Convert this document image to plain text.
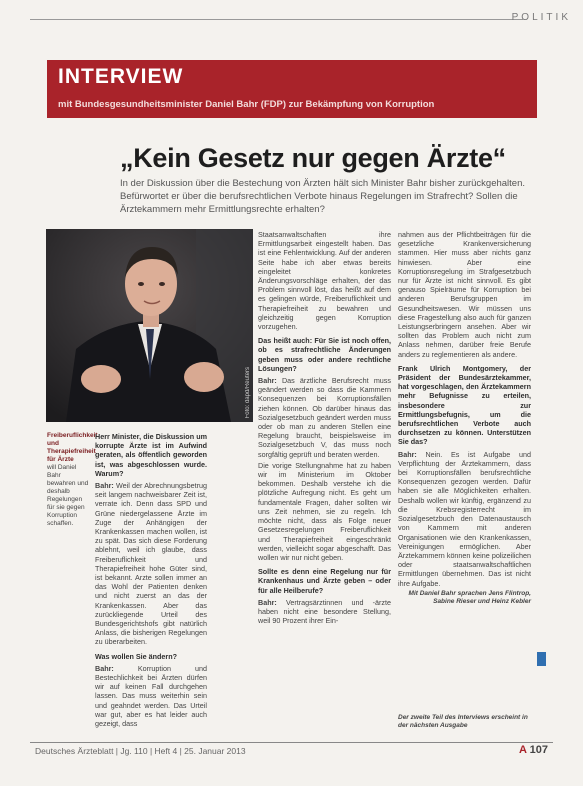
POLITIK
INTERVIEW
mit Bundesgesundheitsminister Daniel Bahr (FDP) zur Bekämpfung von Korruption
„Kein Gesetz nur gegen Ärzte“
In der Diskussion über die Bestechung von Ärzten hält sich Minister Bahr bisher zurückgehalten. Befürwortet er über die berufsrechtlichen Verbote hinaus Regelungen im Strafrecht? Sollen die Ärztekammern mehr Ermittlungsrechte erhalten?
Foto: dapd/Reuters
Freiberuflichkeit und Therapiefreiheit für Ärzte
will Daniel Bahr bewahren und deshalb Regelungen für sie gegen Korruption schaffen.

Herr Minister, die Diskussion um korrupte Ärzte ist im Aufwind geraten, als öffentlich geworden ist, was abgeschlossen wurde. Warum?

Bahr: Weil der Abrechnungsbetrug seit langem nachweisbarer Zeit ist, verrate ich. Denn dass SPD und Grüne niedergelassene Ärzte im Zuge der Anhängigen der Krankenkassen machen wollen, ist zu spät. Das sich diese Forderung ablehnt, weil ich glaube, dass Freiberuflichkeit und Therapiefreiheit hohe Güter sind, ist bekannt. Arzte sollen immer an das Wohl der Patienten denken und nicht zuerst an das der Krankenkassen. Aber das zurückliegende Urteil des Bundesgerichtshofs gibt natürlich Anlass, die bisherigen Regelungen zu überarbeiten.

Was wollen Sie ändern?

Bahr:	Korruption und Bestechlichkeit bei Ärzten dürfen wir auf keinen Fall durchgehen lassen. Das muss weiterhin sein und geahndet werden. Das Urteil war gut, aber es hat leider auch gezeigt, dass

Staatsanwaltschaften ihre Ermittlungsarbeit eingestellt haben. Das ist eine Fehlentwicklung. Auf der anderen Seite habe ich aber etwas bereits eingeleitet konkretes Änderungsvorschläge erhalten, der das Problem sinnvoll löst, das heißt auf dem es gelingen würde, Freiberuflichkeit und Therapiefreiheit zu bewahren und gleichzeitig gegen Korruption vorzugehen.

Das heißt auch: Für Sie ist noch offen, ob es strafrechtliche Änderungen geben muss oder andere rechtliche Lösungen?

Bahr: Das ärztliche Berufsrecht muss geändert werden so dass die Kammern Konsequenzen bei Korruptionsfällen ziehen können. Ob darüber hinaus das Sozialgesetzbuch geändert werden muss oder ob man zu anderen Stellen eine Regelung braucht, beispielsweise im Sozialgesetzbuch V, das muss noch sorgfältig geprüft und beraten werden.

Die vorige Stellungnahme hat zu haben wir im Ministerium im Oktober bekommen. Deshalb verstehe ich die plötzliche Aufregung nicht. Es geht um fundamentale Fragen, daher sollten wir uns Zeit nehmen, sie zu regeln. Ich möchte nicht, dass als Folge neuer Gesetzesregelungen Freiberuflichkeit und Therapiefreiheit eingeschränkt werden, vielleicht sogar abgeschafft. Das wollen wir nur nicht geben.

Sollte es denn eine Regelung nur für Krankenhaus und Ärzte geben – oder für alle Heilberufe?

Bahr: Vertragsärztinnen und -ärzte haben nicht eine besondere Stellung, weil 90 Prozent ihrer Ein-

nahmen aus der Pflichtbeiträgen für die gesetzliche Krankenversicherung stammen. Hier muss aber nichts ganz hinwiesen. Aber eine Korruptionsregelung im Strafgesetzbuch nur für Ärzte ist nicht sinnvoll. Es gibt genauso Spielräume für Korruption bei anderen Berufsgruppen im Gesundheitswesen. Wir müssen uns diese Fragestellung also auch für ganzen Leistungserbringern ansehen. Aber wir sollten das Problem auch nicht zum Anlass nehmen, darüber freie Berufe anders zu reglementieren als andere.

Frank Ulrich Montgomery, der Präsident der Bundesärztekammer, hat vorgeschlagen, den Ärztekammern mehr Befugnisse zu erteilen, insbesondere zur Ermittlungsbefugnis, um die berufsrechtlichen Verbote auch durchsetzen zu können. Unterstützen Sie das?

Bahr: Nein. Es ist Aufgabe und Verpflichtung der Ärztekammern, dass bei Korruptionsfällen berufsrechtliche Konsequenzen gezogen werden. Dafür haben sie alle Möglichkeiten erhalten. Deshalb wollen wir künftig, ergänzend zu die Krebsregisterrecht im Sozialgesetzbuch den Datenaustausch von Kammern mit anderen Organisationen wie den Krankenkassen, Vereinigungen ermöglichen. Aber Ärztekammern können keine polizeilichen oder staatsanwaltschaftlichen Ermittlungen übernehmen. Das ist nicht ihre Aufgabe.

Mit Daniel Bahr sprachen Jens Flintrop, Sabine Rieser und Heinz Kebler

Der zweite Teil des Interviews erscheint in der nächsten Ausgabe
Deutsches Ärzteblatt | Jg. 110 | Heft 4 | 25. Januar 2013	A 107
